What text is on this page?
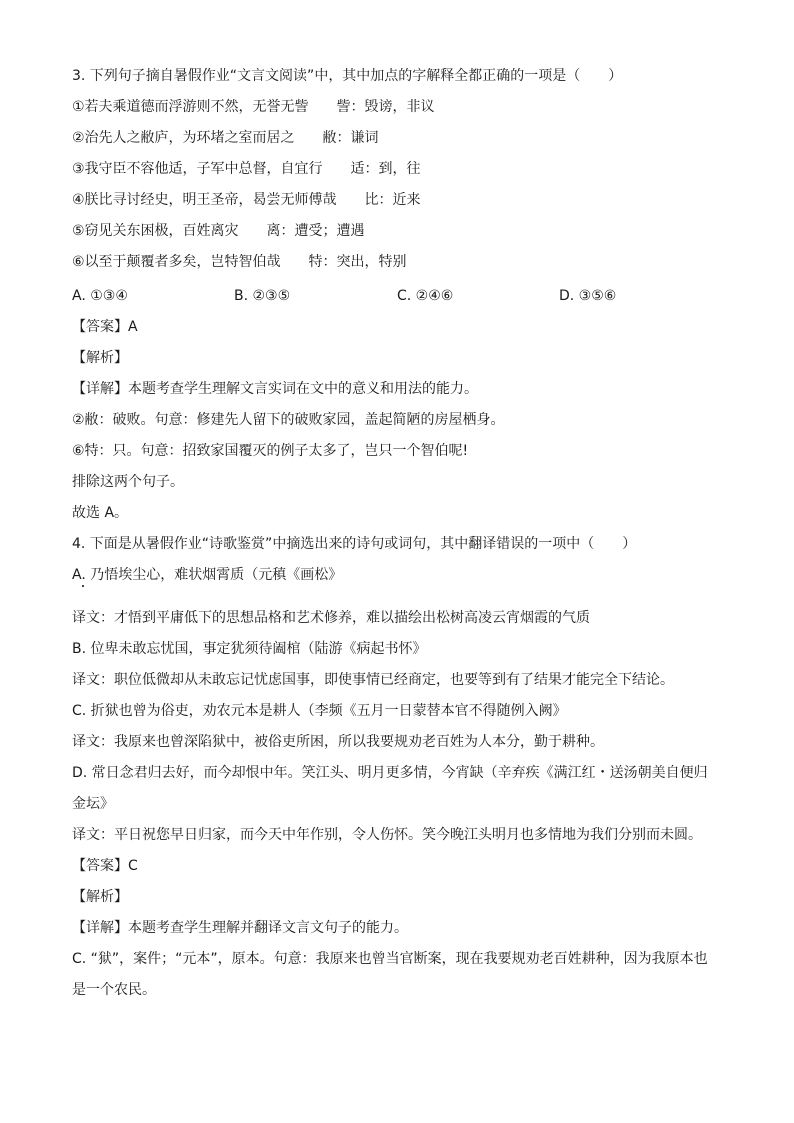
3. 下列句子摘自暑假作业“文言文阅读”中，其中加点的字解释全都正确的一项是（　　）
①若夫乘道德而浮游则不然，无誉无訾　　訾：毁谤，非议
②治先人之敝庐，为环堵之室而居之　　敝：谦词
③我守臣不容他适，子军中总督，自宜行　　适：到，往
④朕比寻讨经史，明王圣帝，曷尝无师傅哉　　比：近来
⑤窃见关东困极，百姓离灾　　离：遭受；遭遇
⑥以至于颠覆者多矣，岂特智伯哉　　特：突出，特别
A. ①③④	B. ②③⑤	C. ②④⑥	D. ③⑤⑥
【答案】A
【解析】
【详解】本题考查学生理解文言实词在文中的意义和用法的能力。
②敝：破败。句意：修建先人留下的破败家园，盖起简陋的房屋栖身。
⑥特：只。句意：招致家国覆灭的例子太多了，岂只一个智伯呢!
排除这两个句子。
故选 A。
4. 下面是从暑假作业“诗歌鉴赏”中摘选出来的诗句或词句，其中翻译错误的一项中（　　）
A. 乃悟埃尘心，难状烟霄质（元稹《画松》
译文：才悟到平庸低下的思想品格和艺术修养，难以描绘出松树高凌云宵烟霞的气质
B. 位卑未敢忘忧国，事定犹须待阖棺（陆游《病起书怀》
译文：职位低微却从未敢忘记忧虑国事，即使事情已经商定，也要等到有了结果才能完全下结论。
C. 折狱也曾为俗吏，劝农元本是耕人（李频《五月一日蒙替本官不得随例入阙》
译文：我原来也曾深陷狱中，被俗吏所困，所以我要规劝老百姓为人本分，勤于耕种。
D. 常日念君归去好，而今却恨中年。笑江头、明月更多情，今宵缺（辛弃疾《满江红・送汤朝美自便归
金坛》
译文：平日祝您早日归家，而今天中年作别，令人伤怀。笑今晚江头明月也多情地为我们分别而未圆。
【答案】C
【解析】
【详解】本题考查学生理解并翻译文言文句子的能力。
C. “狱”，案件；“元本”，原本。句意：我原来也曾当官断案，现在我要规劝老百姓耕种，因为我原本也
是一个农民。
